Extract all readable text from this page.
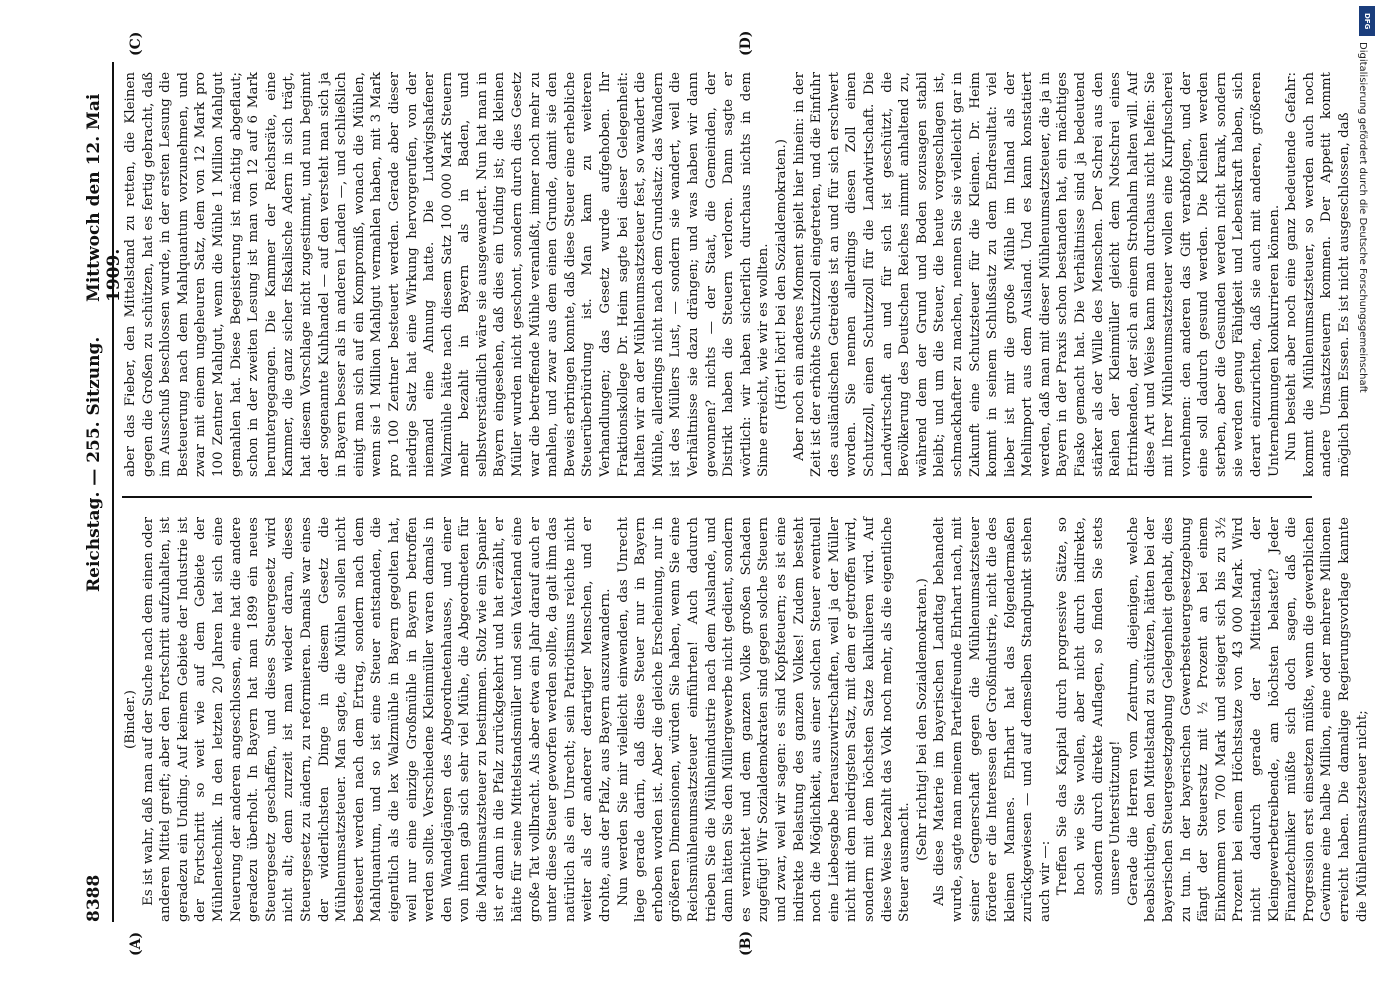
8388
Reichstag. — 255. Sitzung.
Mittwoch den 12. Mai 1909.

(Binder.) Es ist wahr, daß man auf der Suche nach dem einen oder anderen Mittel greift; aber den Fortschritt aufzuhalten, ist geradezu ein Unding. Auf keinem Gebiete der Industrie ist der Fortschritt so weit wie auf dem Gebiete der Mühlentechnik. In den letzten 20 Jahren hat sich eine Neuerung der anderen angeschlossen, eine hat die andere geradezu überholt. In Bayern hat man 1899 ein neues Steuergesetz geschaffen, und dieses Steuergesetz wird nicht alt; denn zurzeit ist man wieder daran, dieses Steuergesetz zu ändern, zu reformieren. Damals war eines der widerlichsten Dinge in diesem Gesetz die Mühlenumsatzsteuer. Man sagte, die Mühlen sollen nicht besteuert werden nach dem Ertrag, sondern nach dem Mahlquantum, und so ist eine Steuer entstanden, die eigentlich als die lex Walzmühle in Bayern gegolten hat, weil nur eine einzige Großmühle in Bayern betroffen werden sollte. Verschiedene Kleinmüller waren damals in den Wandelgängen des Abgeordnetenhauses, und einer von ihnen gab sich sehr viel Mühe, die Abgeordneten für die Mahlumsatzsteuer zu bestimmen. Stolz wie ein Spanier ist er dann in die Pfalz zurückgekehrt und hat erzählt, er hätte für seine Mittelstandsmüller und sein Vaterland eine große Tat vollbracht. Als aber etwa ein Jahr darauf auch er unter diese Steuer geworfen werden sollte, da galt ihm das natürlich als ein Unrecht; sein Patriotismus reichte nicht weiter als der anderer derartiger Menschen, und er drohte, aus der Pfalz, aus Bayern auszuwandern. Nun werden Sie mir vielleicht einwenden, das Unrecht liege gerade darin, daß diese Steuer nur in Bayern erhoben worden ist. Aber die gleiche Erscheinung, nur in größeren Dimensionen, würden Sie haben, wenn Sie eine Reichsmühlenumsatzsteuer einführten! Auch dadurch trieben Sie die Mühlenindustrie nach dem Auslande, und dann hätten Sie den Müllergewerbe nicht gedient, sondern es vernichtet und dem ganzen Volke großen Schaden zugefügt! Wir Sozialdemokraten sind gegen solche Steuern und zwar, weil wir sagen: es sind Kopfsteuern; es ist eine indirekte Belastung des ganzen Volkes! Zudem besteht noch die Möglichkeit, aus einer solchen Steuer eventuell eine Liebesgabe herauszuwirtschaften, weil ja der Müller nicht mit dem niedrigsten Satz, mit dem er getroffen wird, sondern mit dem höchsten Satze kalkulieren wird. Auf diese Weise bezahlt das Volk noch mehr, als die eigentliche Steuer ausmacht.

(Sehr richtig! bei den Sozialdemokraten.) Als diese Materie im bayerischen Landtag behandelt wurde, sagte man meinem Parteifreunde Ehrhart nach, mit seiner Gegnerschaft gegen die Mühlenumsatzsteuer fördere er die Interessen der Großindustrie, nicht die des kleinen Mannes. Ehrhart hat das folgendermaßen zurückgewiesen — und auf demselben Standpunkt stehen auch wir —: Treffen Sie das Kapital durch progressive Sätze, so hoch wie Sie wollen, aber nicht durch indirekte, sondern durch direkte Auflagen, so finden Sie stets unsere Unterstützung! Gerade die Herren vom Zentrum, diejenigen, welche beabsichtigen, den Mittelstand zu schützen, hätten bei der bayerischen Steuergesetzgebung Gelegenheit gehabt, dies zu tun. In der bayerischen Gewerbesteuergesetzgebung fängt der Steuersatz mit ½ Prozent an bei einem Einkommen von 700 Mark und steigert sich bis zu 3½ Prozent bei einem Höchstsatze von 43 000 Mark. Wird nicht dadurch gerade der Mittelstand, der Kleingewerbetreibende, am höchsten belastet? Jeder Finanztechniker müßte sich doch sagen, daß die Progression erst einsetzen müßte, wenn die gewerblichen Gewinne eine halbe Million, eine oder mehrere Millionen erreicht haben. Die damalige Regierungsvorlage kannte die Mühlenumsatzsteuer nicht;

aber das Fieber, den Mittelstand zu retten, die Kleinen gegen die Großen zu schützen, hat es fertig gebracht, daß im Ausschuß beschlossen wurde, in der ersten Lesung die Besteuerung nach dem Mahlquantum vorzunehmen, und zwar mit einem ungeheuren Satz, dem von 12 Mark pro 100 Zentner Mahlgut, wenn die Mühle 1 Million Mahlgut gemahlen hat. Diese Begeisterung ist mächtig abgeflaut; schon in der zweiten Lesung ist man von 12 auf 6 Mark heruntergegangen. Die Kammer der Reichsräte, eine Kammer, die ganz sicher fiskalische Adern in sich trägt, hat diesem Vorschlage nicht zugestimmt, und nun beginnt der sogenannte Kuhhandel — auf den versteht man sich ja in Bayern besser als in anderen Landen —, und schließlich einigt man sich auf ein Kompromiß, wonach die Mühlen, wenn sie 1 Million Mahlgut vermahlen haben, mit 3 Mark pro 100 Zentner besteuert werden. Gerade aber dieser niedrige Satz hat eine Wirkung hervorgerufen, von der niemand eine Ahnung hatte. Die Ludwigshafener Walzmühle hätte nach diesem Satz 100 000 Mark Steuern mehr bezahlt in Bayern als in Baden, und selbstverständlich wäre sie ausgewandert. Nun hat man in Bayern eingesehen, daß dies ein Unding ist; die kleinen Müller wurden nicht geschont, sondern durch dies Gesetz war die betreffende Mühle veranlaßt, immer noch mehr zu mahlen, und zwar aus dem einen Grunde, damit sie den Beweis erbringen konnte, daß diese Steuer eine erhebliche Steuerüberbürdung ist. Man kam zu weiteren Verhandlungen; das Gesetz wurde aufgehoben. Ihr Fraktionskollege Dr. Heim sagte bei dieser Gelegenheit: halten wir an der Mühlenumsatzsteuer fest, so wandert die Mühle, allerdings nicht nach dem Grundsatz: das Wandern ist des Müllers Lust, — sondern sie wandert, weil die Verhältnisse sie dazu drängen; und was haben wir dann gewonnen? nichts — der Staat, die Gemeinden, der Distrikt haben die Steuern verloren. Dann sagte er wörtlich: wir haben sicherlich durchaus nichts in dem Sinne erreicht, wie wir es wollten. (Hört! hört! bei den Sozialdemokraten.) Aber noch ein anderes Moment spielt hier hinein: in der Zeit ist der erhöhte Schutzzoll eingetreten, und die Einfuhr des ausländischen Getreides ist an und für sich erschwert worden. Sie nennen allerdings diesen Zoll einen Schutzzoll, einen Schutzzoll für die Landwirtschaft. Die Landwirtschaft an und für sich ist geschützt, die Bevölkerung des Deutschen Reiches nimmt anhaltend zu, während dem der Grund und Boden sozusagen stabil bleibt; und um die Steuer, die heute vorgeschlagen ist, schmackhafter zu machen, nennen Sie sie vielleicht gar in Zukunft eine Schutzsteuer für die Kleinen. Dr. Heim kommt in seinem Schlußsatz zu dem Endresultat: viel lieber ist mir die große Mühle im Inland als der Mehlimport aus dem Ausland. Und es kann konstatiert werden, daß man mit dieser Mühlenumsatzsteuer, die ja in Bayern in der Praxis schon bestanden hat, ein mächtiges Fiasko gemacht hat. Die Verhältnisse sind ja bedeutend stärker als der Wille des Menschen. Der Schrei aus den Reihen der Kleinmüller gleicht dem Notschrei eines Ertrinkenden, der sich an einem Strohhalm halten will. Auf diese Art und Weise kann man durchaus nicht helfen: Sie mit Ihrer Mühlenumsatzsteuer wollen eine Kurpfuscherei vornehmen: den anderen das Gift verabfolgen, und der eine soll dadurch gesund werden. Die Kleinen werden sterben, aber die Gesunden werden nicht krank, sondern sie werden genug Fähigkeit und Lebenskraft haben, sich derart einzurichten, daß sie auch mit anderen, größeren Unternehmungen konkurrieren können. Nun besteht aber noch eine ganz bedeutende Gefahr: kommt die Mühlenumsatzsteuer, so werden auch noch andere Umsatzsteuern kommen. Der Appetit kommt möglich beim Essen. Es ist nicht ausgeschlossen, daß

(A)	(B)
(C)	(D)
DFG
Digitalisierung gefördert durch die Deutsche Forschungsgemeinschaft
